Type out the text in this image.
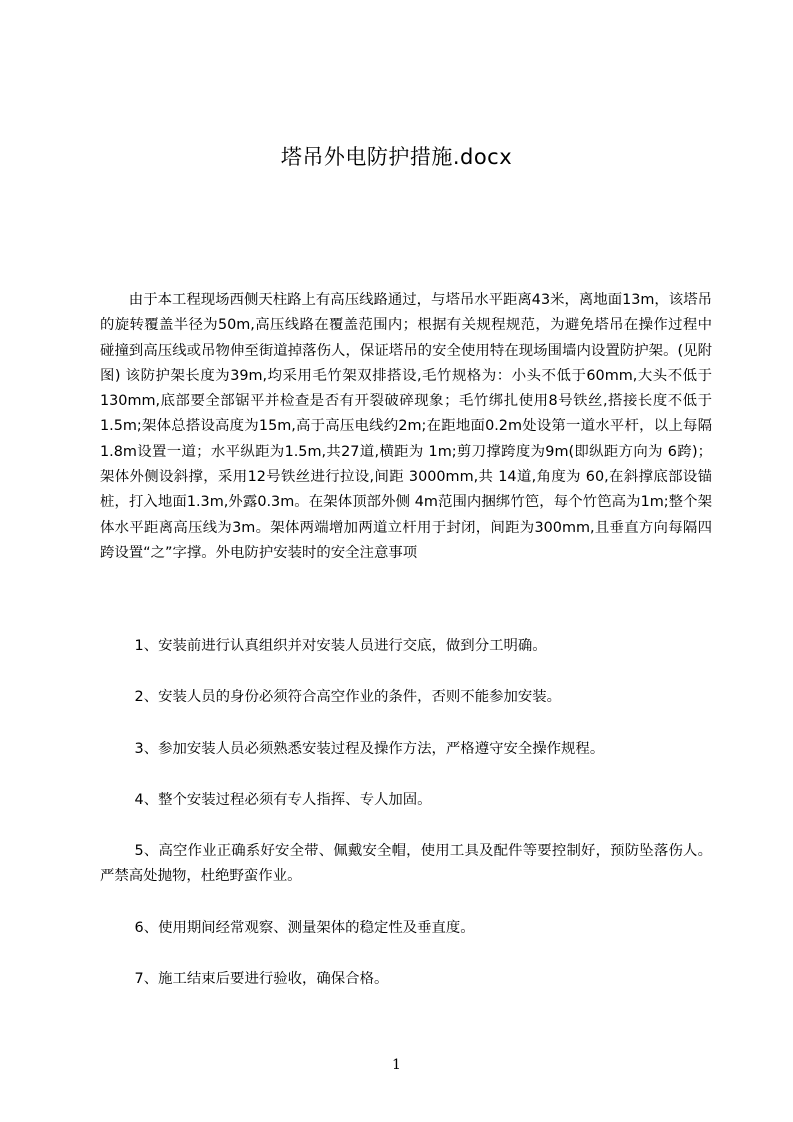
塔吊外电防护措施.docx
由于本工程现场西侧天柱路上有高压线路通过，与塔吊水平距离43米，离地面13m，该塔吊的旋转覆盖半径为50m,高压线路在覆盖范围内；根据有关规程规范，为避免塔吊在操作过程中碰撞到高压线或吊物伸至街道掉落伤人，保证塔吊的安全使用特在现场围墙内设置防护架。(见附图) 该防护架长度为39m,均采用毛竹架双排搭设,毛竹规格为：小头不低于60mm,大头不低于130mm,底部要全部锯平并检查是否有开裂破碎现象；毛竹绑扎使用8号铁丝,搭接长度不低于 1.5m;架体总搭设高度为15m,高于高压电线约2m;在距地面0.2m处设第一道水平杆，以上每隔1.8m设置一道；水平纵距为1.5m,共27道,横距为 1m;剪刀撑跨度为9m(即纵距方向为 6跨)；架体外侧设斜撑，采用12号铁丝进行拉设,间距 3000mm,共 14道,角度为 60,在斜撑底部设锚桩，打入地面1.3m,外露0.3m。在架体顶部外侧 4m范围内捆绑竹笆，每个竹笆高为1m;整个架体水平距离高压线为3m。架体两端增加两道立杆用于封闭，间距为300mm,且垂直方向每隔四跨设置“之”字撑。外电防护安装时的安全注意事项
1、安装前进行认真组织并对安装人员进行交底，做到分工明确。
2、安装人员的身份必须符合高空作业的条件，否则不能参加安装。
3、参加安装人员必须熟悉安装过程及操作方法，严格遵守安全操作规程。
4、整个安装过程必须有专人指挥、专人加固。
5、高空作业正确系好安全带、佩戴安全帽，使用工具及配件等要控制好，预防坠落伤人。严禁高处抛物，杜绝野蛮作业。
6、使用期间经常观察、测量架体的稳定性及垂直度。
7、施工结束后要进行验收，确保合格。
1
